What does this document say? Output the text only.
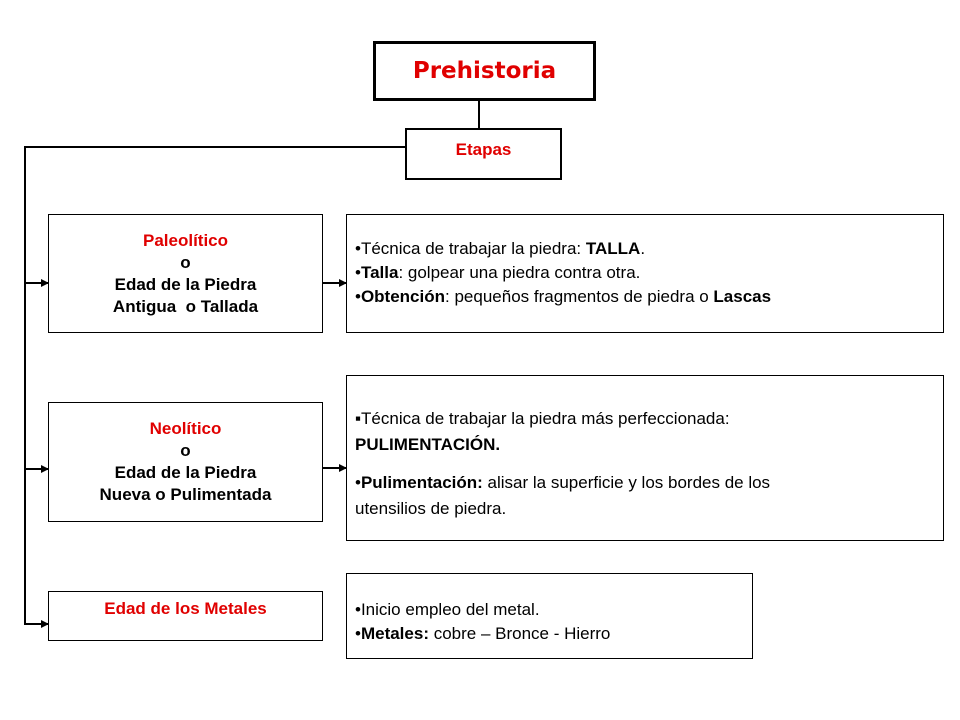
Prehistoria
Etapas
Paleolítico
o
Edad de la Piedra
Antigua  o Tallada

•Técnica de trabajar la piedra: TALLA.

•Talla: golpear una piedra contra otra.

•Obtención: pequeños fragmentos de piedra o Lascas

Neolítico
o
Edad de la Piedra
Nueva o Pulimentada

▪Técnica de trabajar la piedra más perfeccionada:

PULIMENTACIÓN.

•Pulimentación: alisar la superficie y los bordes de los

utensilios de piedra.

Edad de los Metales	•Inicio empleo del metal.

•Metales: cobre – Bronce - Hierro
